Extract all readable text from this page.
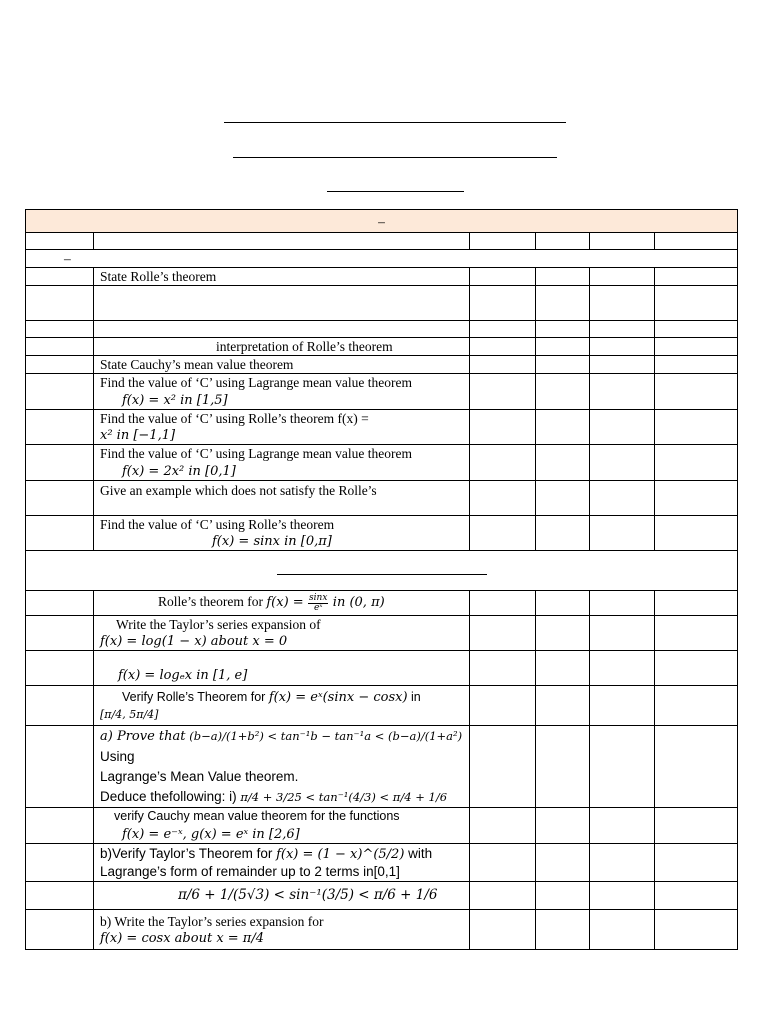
–					

–					
	State Rolle’s theorem				

	interpretation of Rolle’s theorem				
	State Cauchy’s mean value theorem				

	Find the value of ‘C’ using Lagrange mean value theorem
f(x) = x² in [1,5]				

	Find the value of ‘C’ using Rolle’s theorem f(x) =
x² in [−1,1]				

	Find the value of ‘C’ using Lagrange mean value theorem
f(x) = 2x² in [0,1]				
	Give an example which does not satisfy the Rolle’s				

	Find the value of ‘C’ using Rolle’s theorem
f(x) = sinx in [0,π]				

	Rolle’s theorem for $f(x) = \frac{\sin x}{\text{eˣ}}$ in (0, π)				

	Write the Taylor’s series expansion of
f(x) = log(1 − x) about x = 0				

	f(x) = logₑx in [1, e]				

	Verify Rolle’s Theorem for f(x) = eˣ(sinx − cosx) in
[π/4, 5π/4]				

	a) Prove that (b−a)/(1+b²) < tan⁻¹b − tan⁻¹a < (b−a)/(1+a²) Using
Lagrange’s Mean Value theorem.
Deduce thefollowing: i) π/4 + 3/25 < tan⁻¹(4/3) < π/4 + 1/6				

	verify Cauchy mean value theorem for the functions
f(x) = e⁻ˣ, g(x) = eˣ in [2,6]				

	b)Verify Taylor’s Theorem for f(x) = (1 − x)^(5/2) with
Lagrange’s form of remainder up to 2 terms in[0,1]				

	π/6 + 1/(5√3) < sin⁻¹(3/5) < π/6 + 1/6				

	b) Write the Taylor’s series expansion for
f(x) = cosx about x = π/4				
